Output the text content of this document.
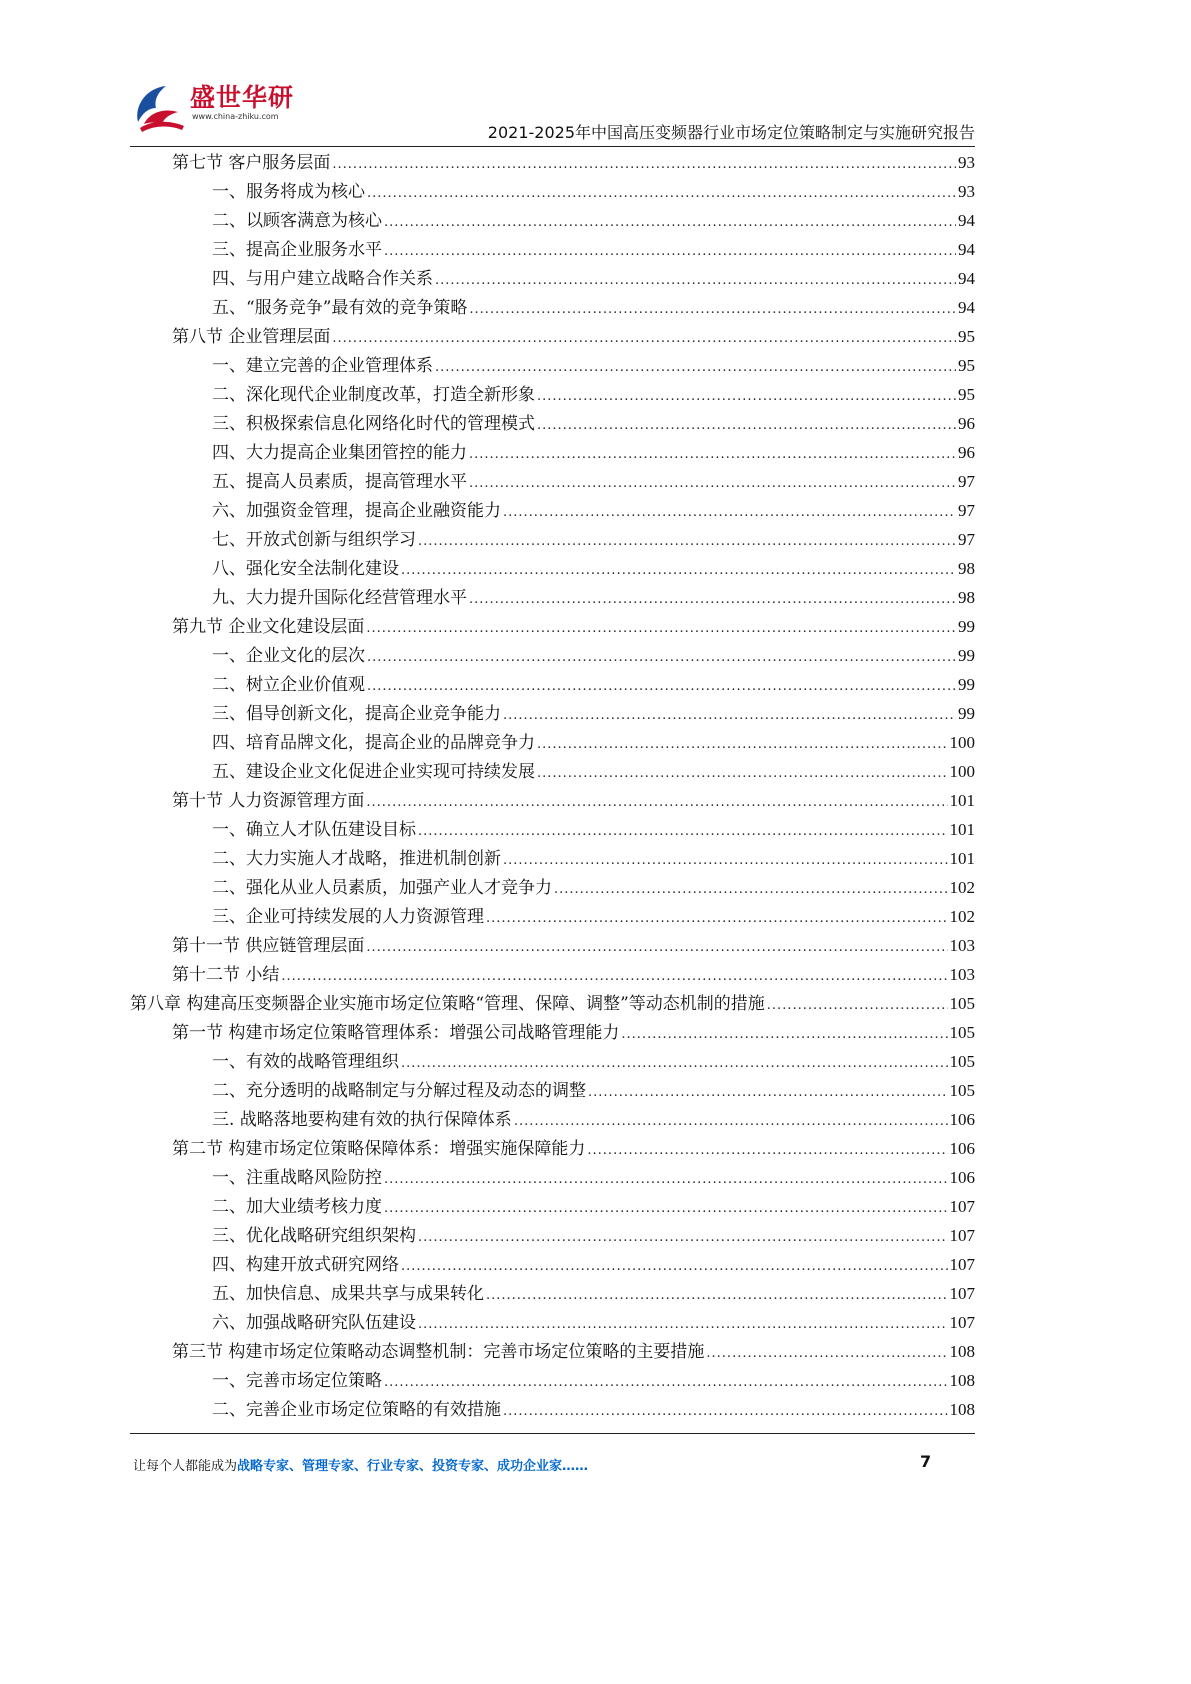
盛世华研
www.china-zhiku.com
2021-2025年中国高压变频器行业市场定位策略制定与实施研究报告
第七节 客户服务层面 .....	93
一、服务将成为核心 .....	93
二、以顾客满意为核心 .....	94
三、提高企业服务水平 .....	94
四、与用户建立战略合作关系 .....	94
五、“服务竞争”最有效的竞争策略 .....	94
第八节 企业管理层面 .....	95
一、建立完善的企业管理体系 .....	95
二、深化现代企业制度改革，打造全新形象 .....	95
三、积极探索信息化网络化时代的管理模式 .....	96
四、大力提高企业集团管控的能力 .....	96
五、提高人员素质，提高管理水平 .....	97
六、加强资金管理，提高企业融资能力 .....	97
七、开放式创新与组织学习 .....	97
八、强化安全法制化建设 .....	98
九、大力提升国际化经营管理水平 .....	98
第九节 企业文化建设层面 .....	99
一、企业文化的层次 .....	99
二、树立企业价值观 .....	99
三、倡导创新文化，提高企业竞争能力 .....	99
四、培育品牌文化，提高企业的品牌竞争力 .....	100
五、建设企业文化促进企业实现可持续发展 .....	100
第十节 人力资源管理方面 .....	101
一、确立人才队伍建设目标 .....	101
二、大力实施人才战略，推进机制创新 .....	101
二、强化从业人员素质，加强产业人才竞争力 .....	102
三、企业可持续发展的人力资源管理 .....	102
第十一节 供应链管理层面 .....	103
第十二节 小结 .....	103
第八章 构建高压变频器企业实施市场定位策略“管理、保障、调整”等动态机制的措施 .....	105
第一节 构建市场定位策略管理体系：增强公司战略管理能力 .....	105
一、有效的战略管理组织 .....	105
二、充分透明的战略制定与分解过程及动态的调整 .....	105
三. 战略落地要构建有效的执行保障体系 .....	106
第二节 构建市场定位策略保障体系：增强实施保障能力 .....	106
一、注重战略风险防控 .....	106
二、加大业绩考核力度 .....	107
三、优化战略研究组织架构 .....	107
四、构建开放式研究网络 .....	107
五、加快信息、成果共享与成果转化 .....	107
六、加强战略研究队伍建设 .....	107
第三节 构建市场定位策略动态调整机制：完善市场定位策略的主要措施 .....	108
一、完善市场定位策略 .....	108
二、完善企业市场定位策略的有效措施 .....	108
让每个人都能成为战略专家、管理专家、行业专家、投资专家、成功企业家……	7
